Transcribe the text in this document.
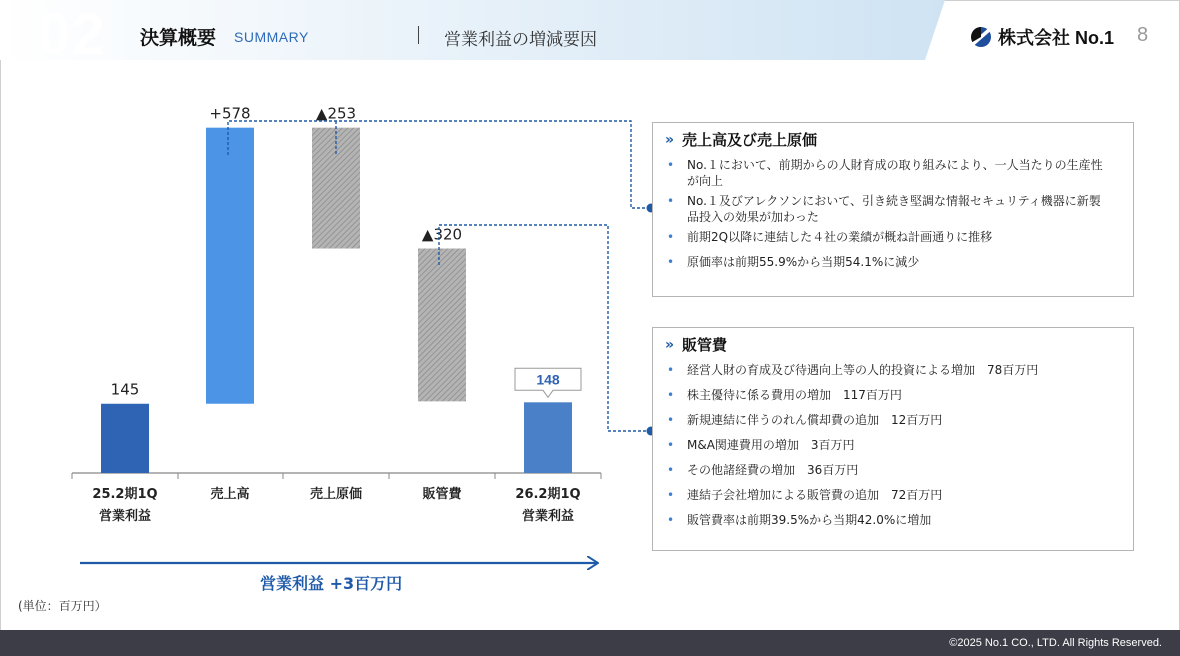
02 決算概要 SUMMARY	営業利益の増減要因	株式会社 No.1 8
145
+578	▲253
▲320
148
25.2期1Q
営業利益
売上高	売上原価	販管費	26.2期1Q
営業利益
営業利益 +3百万円
(単位：百万円）
» 売上高及び売上原価
• No.１において、前期からの人財育成の取り組みにより、一人当たりの生産性が向上
• No.１及びアレクソンにおいて、引き続き堅調な情報セキュリティ機器に新製品投入の効果が加わった
• 前期2Q以降に連結した４社の業績が概ね計画通りに推移
• 原価率は前期55.9%から当期54.1%に減少
» 販管費
• 経営人財の育成及び待遇向上等の人的投資による増加　78百万円
• 株主優待に係る費用の増加　117百万円
• 新規連結に伴うのれん償却費の追加　12百万円
• M&A関連費用の増加　3百万円
• その他諸経費の増加　36百万円
• 連結子会社増加による販管費の追加　72百万円
• 販管費率は前期39.5%から当期42.0%に増加
©2025 No.1 CO., LTD. All Rights Reserved.
